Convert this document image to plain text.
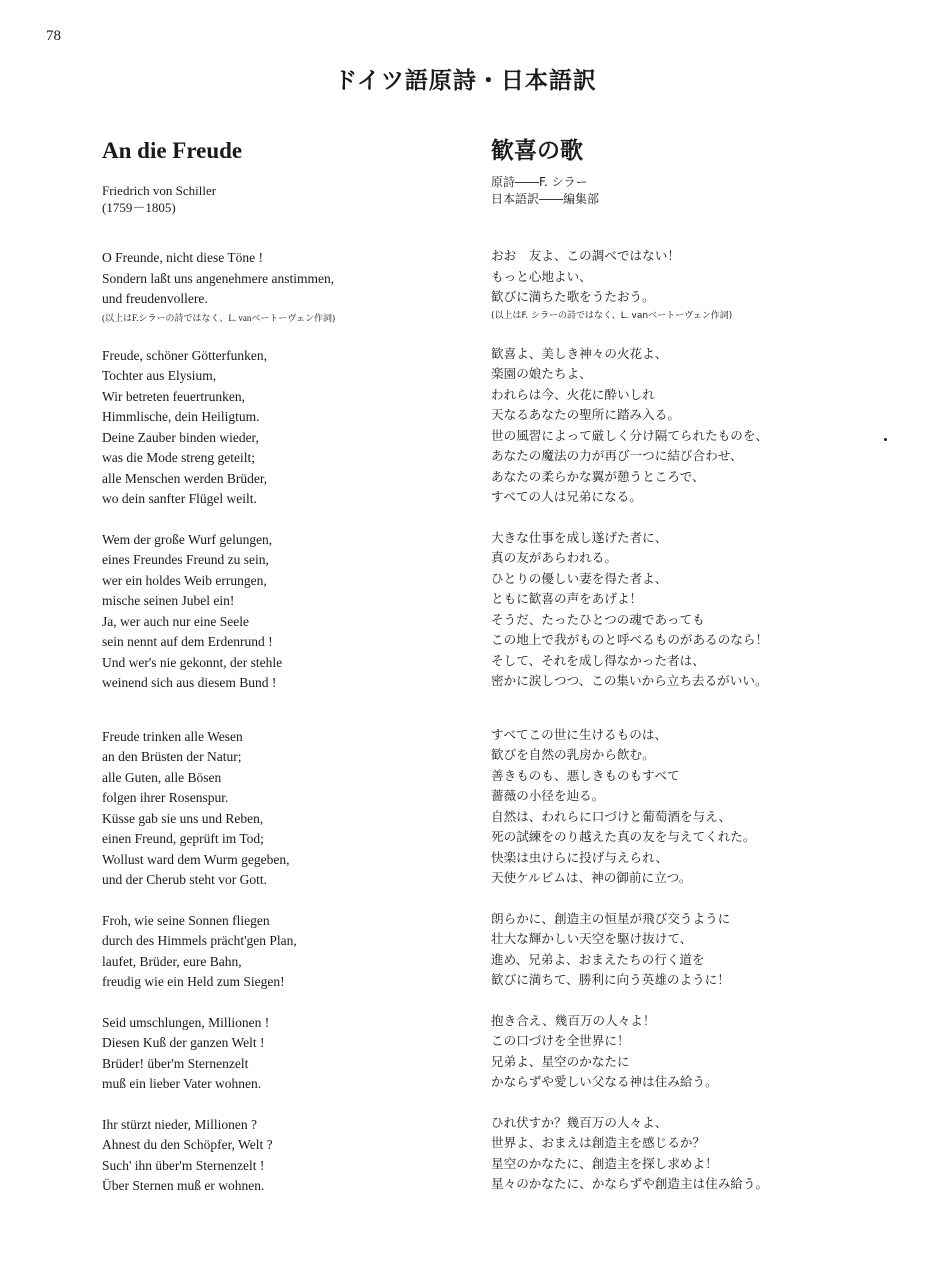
78
ドイツ語原詩・日本語訳
An die Freude
Friedrich von Schiller
(1759－1805)
O Freunde, nicht diese Töne !
Sondern laßt uns angenehmere anstimmen,
und freudenvollere.
(以上はF.シラーの詩ではなく、L. vanベートーヴェン作詞)
Freude, schöner Götterfunken,
Tochter aus Elysium,
Wir betreten feuertrunken,
Himmlische, dein Heiligtum.
Deine Zauber binden wieder,
was die Mode streng geteilt;
alle Menschen werden Brüder,
wo dein sanfter Flügel weilt.
Wem der große Wurf gelungen,
eines Freundes Freund zu sein,
wer ein holdes Weib errungen,
mische seinen Jubel ein!
Ja, wer auch nur eine Seele
sein nennt auf dem Erdenrund !
Und wer's nie gekonnt, der stehle
weinend sich aus diesem Bund !
Freude trinken alle Wesen
an den Brüsten der Natur;
alle Guten, alle Bösen
folgen ihrer Rosenspur.
Küsse gab sie uns und Reben,
einen Freund, geprüft im Tod;
Wollust ward dem Wurm gegeben,
und der Cherub steht vor Gott.
Froh, wie seine Sonnen fliegen
durch des Himmels prächt'gen Plan,
laufet, Brüder, eure Bahn,
freudig wie ein Held zum Siegen!
Seid umschlungen, Millionen !
Diesen Kuß der ganzen Welt !
Brüder! über'm Sternenzelt
muß ein lieber Vater wohnen.
Ihr stürzt nieder, Millionen ?
Ahnest du den Schöpfer, Welt ?
Such' ihn über'm Sternenzelt !
Über Sternen muß er wohnen.
歓喜の歌
原詩――F. シラー
日本語訳――編集部
おお　友よ、この調べではない！
もっと心地よい、
歓びに満ちた歌をうたおう。
(以上はF. シラーの詩ではなく、L. vanベートーヴェン作詞)
歓喜よ、美しき神々の火花よ、
楽園の娘たちよ、
われらは今、火花に酔いしれ
天なるあなたの聖所に踏み入る。
世の風習によって厳しく分け隔てられたものを、
あなたの魔法の力が再び一つに結び合わせ、
あなたの柔らかな翼が憩うところで、
すべての人は兄弟になる。
大きな仕事を成し遂げた者に、
真の友があらわれる。
ひとりの優しい妻を得た者よ、
ともに歓喜の声をあげよ！
そうだ、たったひとつの魂であっても
この地上で我がものと呼べるものがあるのなら！
そして、それを成し得なかった者は、
密かに涙しつつ、この集いから立ち去るがいい。
すべてこの世に生けるものは、
歓びを自然の乳房から飲む。
善きものも、悪しきものもすべて
薔薇の小径を辿る。
自然は、われらに口づけと葡萄酒を与え、
死の試練をのり越えた真の友を与えてくれた。
快楽は虫けらに投げ与えられ、
天使ケルビムは、神の御前に立つ。
朗らかに、創造主の恒星が飛び交うように
壮大な輝かしい天空を駆け抜けて、
進め、兄弟よ、おまえたちの行く道を
歓びに満ちて、勝利に向う英雄のように！
抱き合え、幾百万の人々よ！
この口づけを全世界に！
兄弟よ、星空のかなたに
かならずや愛しい父なる神は住み給う。
ひれ伏すか？幾百万の人々よ、
世界よ、おまえは創造主を感じるか？
星空のかなたに、創造主を探し求めよ！
星々のかなたに、かならずや創造主は住み給う。
